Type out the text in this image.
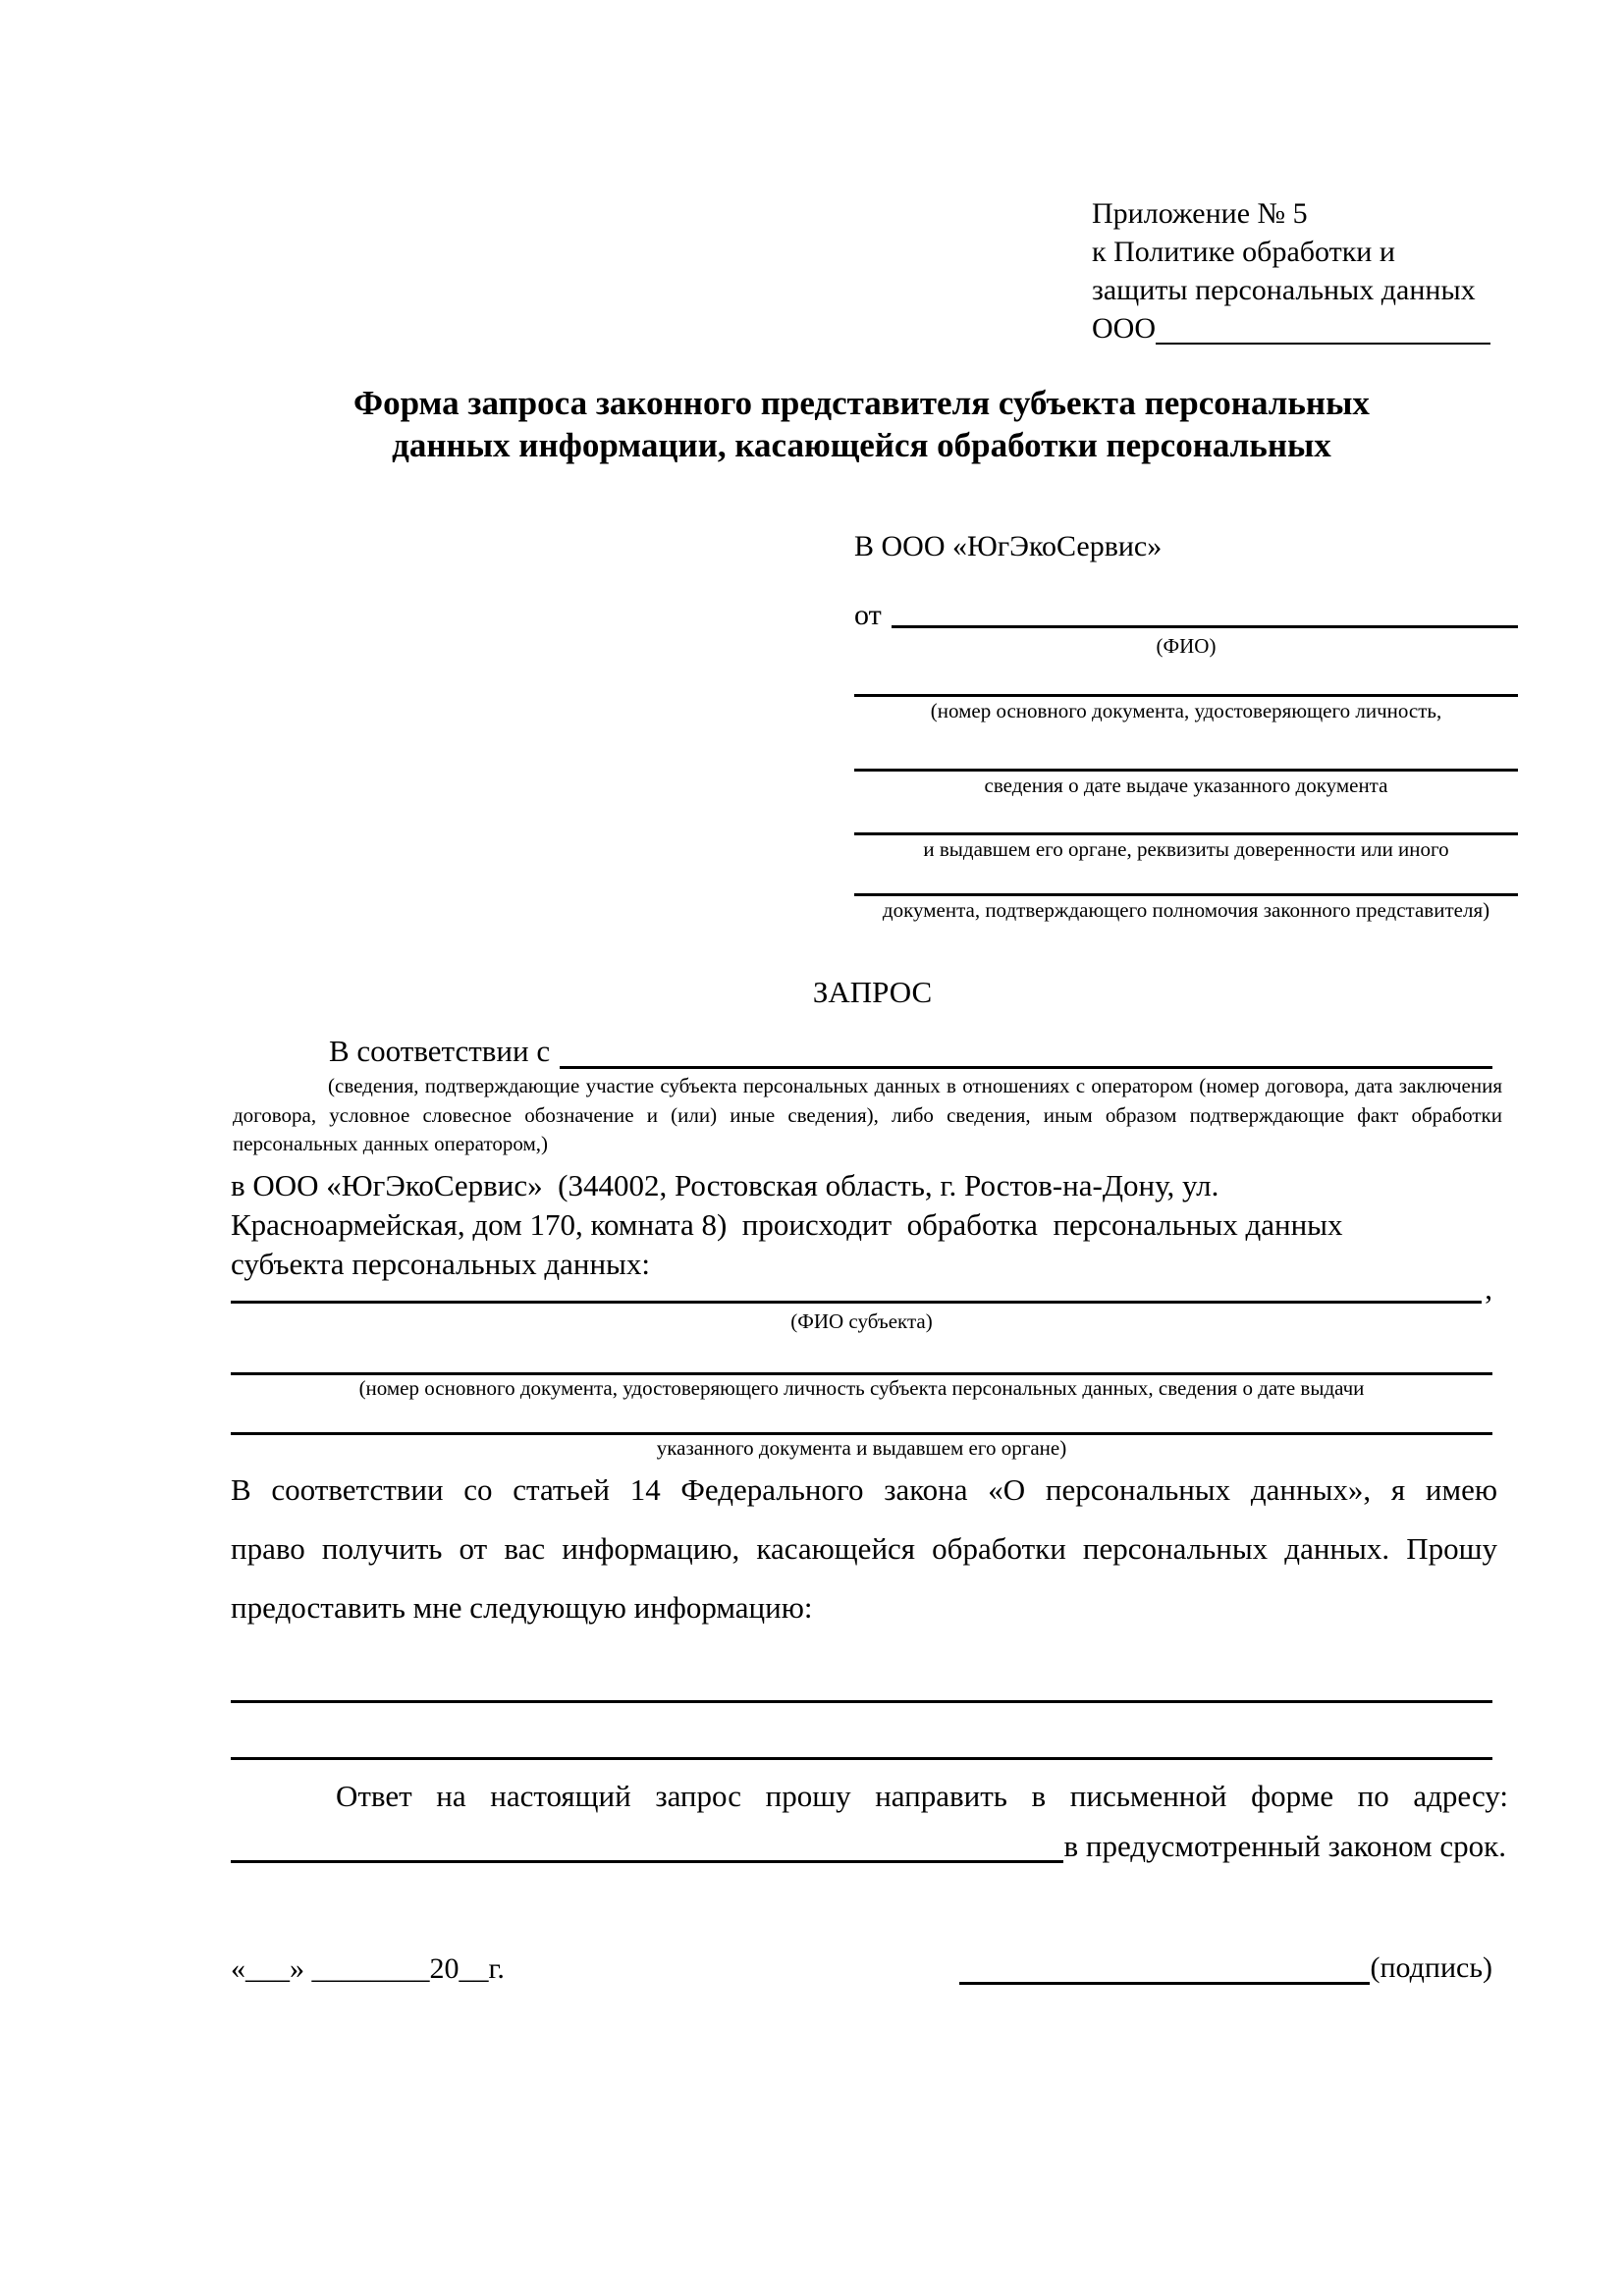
Приложение № 5
к Политике обработки и
защиты персональных данных
ООО
Форма запроса законного представителя субъекта персональных
данных информации, касающейся обработки персональных
В ООО «ЮгЭкоСервис»
от
(ФИО)
(номер основного документа, удостоверяющего личность,
сведения о дате выдаче указанного документа
и выдавшем его органе, реквизиты доверенности или иного
документа, подтверждающего полномочия законного представителя)
ЗАПРОС
В соответствии с
(сведения, подтверждающие участие субъекта персональных данных в отношениях с оператором (номер договора, дата заключения договора, условное словесное обозначение и (или) иные сведения), либо сведения, иным образом подтверждающие факт обработки персональных данных оператором,)
в ООО «ЮгЭкоСервис»  (344002, Ростовская область, г. Ростов-на-Дону, ул.
Красноармейская, дом 170, комната 8)  происходит  обработка  персональных данных
субъекта персональных данных:
,
(ФИО субъекта)
(номер основного документа, удостоверяющего личность субъекта персональных данных, сведения о дате выдачи
указанного документа и выдавшем его органе)
В соответствии со статьей 14 Федерального закона «О персональных данных», я имею
право получить от вас информацию, касающейся обработки персональных данных. Прошу
предоставить мне следующую информацию:
Ответ на настоящий запрос прошу направить в письменной форме по адресу:
в предусмотренный законом срок.
«___» ________20__г.	(подпись)
